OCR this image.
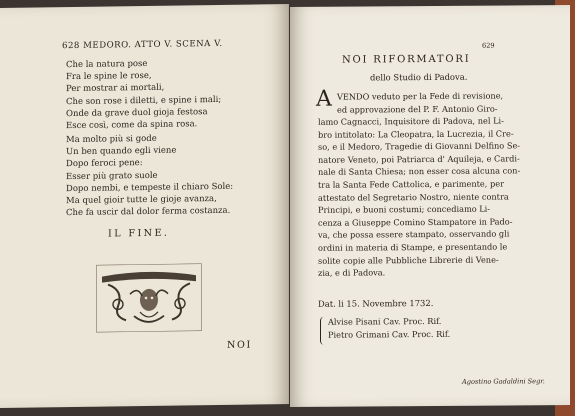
628 MEDORO. ATTO V. SCENA V.
Che la natura pose
Fra le spine le rose,
Per mostrar ai mortali,
Che son rose i diletti, e spine i mali;
Onde da grave duol gioja festosa
Esce così, come da spina rosa.
Ma molto più si gode
Un ben quando egli viene
Dopo feroci pene:
Esser più grato suole
Dopo nembi, e tempeste il chiaro Sole:
Ma quel gioir tutte le gioje avanza,
Che fa uscir dal dolor ferma costanza.
IL FINE.
NOI
629
NOI RIFORMATORI
dello Studio di Padova.
A VENDO veduto per la Fede di revisione,
ed approvazione del P. F. Antonio Giro-
lamo Cagnacci, Inquisitore di Padova, nel Li-
bro intitolato: La Cleopatra, la Lucrezia, il Cre-
so, e il Medoro, Tragedie di Giovanni Delfino Se-
natore Veneto, poi Patriarca d' Aquileja, e Cardi-
nale di Santa Chiesa; non esser cosa alcuna con-
tra la Santa Fede Cattolica, e parimente, per
attestato del Segretario Nostro, niente contra
Principi, e buoni costumi; concediamo Li-
cenza a Giuseppe Comino Stampatore in Pado-
va, che possa essere stampato, osservando gli
ordini in materia di Stampe, e presentando le
solite copie alle Pubbliche Librerie di Vene-
zia, e di Padova.
Dat. li 15. Novembre 1732.
Alvise Pisani Cav. Proc. Rif.
Pietro Grimani Cav. Proc. Rif.
Agostino Gadaldini Segr.
